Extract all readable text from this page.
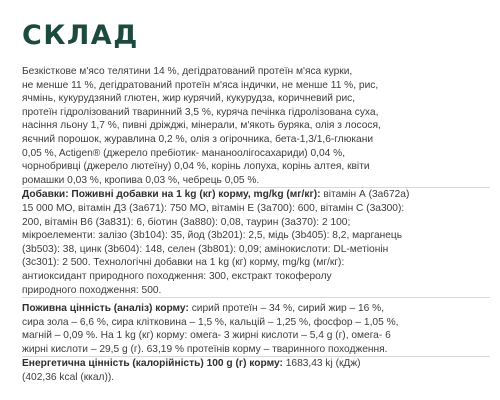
СКЛАД
Безкісткове м'ясо телятини 14 %, дегідратований протеїн м'яса курки,
не менше 11 %, дегідратований протеїн м'яса індички, не менше 11 %, рис,
ячмінь, кукурудзяний глютен, жир курячий, кукурудза, коричневий рис,
протеїн гідролізований тваринний 3,5 %, куряча печінка гідролізована суха,
насіння льону 1,7 %, пивні дріжджі, мінерали, м'якоть буряка, олія з лосося,
яєчний порошок, журавлина 0,2 %, олія з огірочника, бета-1,3/1,6-глюкани
0,05 %, Actigen® (джерело пребіотик- мананоолігосахариди) 0,04 %,
чорнобривці (джерело лютеїну) 0,04 %, корінь лопуха, корінь алтея, квіти
ромашки 0,03 %, кропива 0,03 %, чебрець 0,05 %.
Добавки: Поживні добавки на 1 kg (кг) корму, mg/kg (мг/кг): вітамін А (3а672а)
15 000 МО, вітамін Д3 (3a671): 750 МО, вітамін Е (3a700): 600, вітамін С (3a300):
200, вітамін В6 (3a831): 6, біотин (3a880): 0,08, таурин (3a370): 2 100;
мікроелементи: залізо (3b104): 35, йод (3b201): 2,5, мідь (3b405): 8,2, марганець
(3b503): 38, цинк (3b604): 148, селен (3b801): 0,09; амінокислоти: DL-метіонін
(3c301): 2 500. Технологічні добавки на 1 kg (кг) корму, mg/kg (мг/кг):
антиоксидант природного походження: 300, екстракт токоферолу
природного походження: 500.
Поживна цінність (аналіз) корму: сирий протеїн – 34 %, сирий жир – 16 %,
сира зола – 6,6 %, сира клітковина – 1,5 %, кальцій – 1,25 %, фосфор – 1,05 %,
магній – 0,09 %. На 1 kg (кг) корму: омега- 3 жирні кислоти – 5,4 g (г), омега- 6
жирні кислоти – 29,5 g (г). 63,19 % протеїнів корму – тваринного походження.
Енергетична цінність (калорійність) 100 g (г) корму: 1683,43 kj (кДж)
(402,36 kcal (ккал)).
